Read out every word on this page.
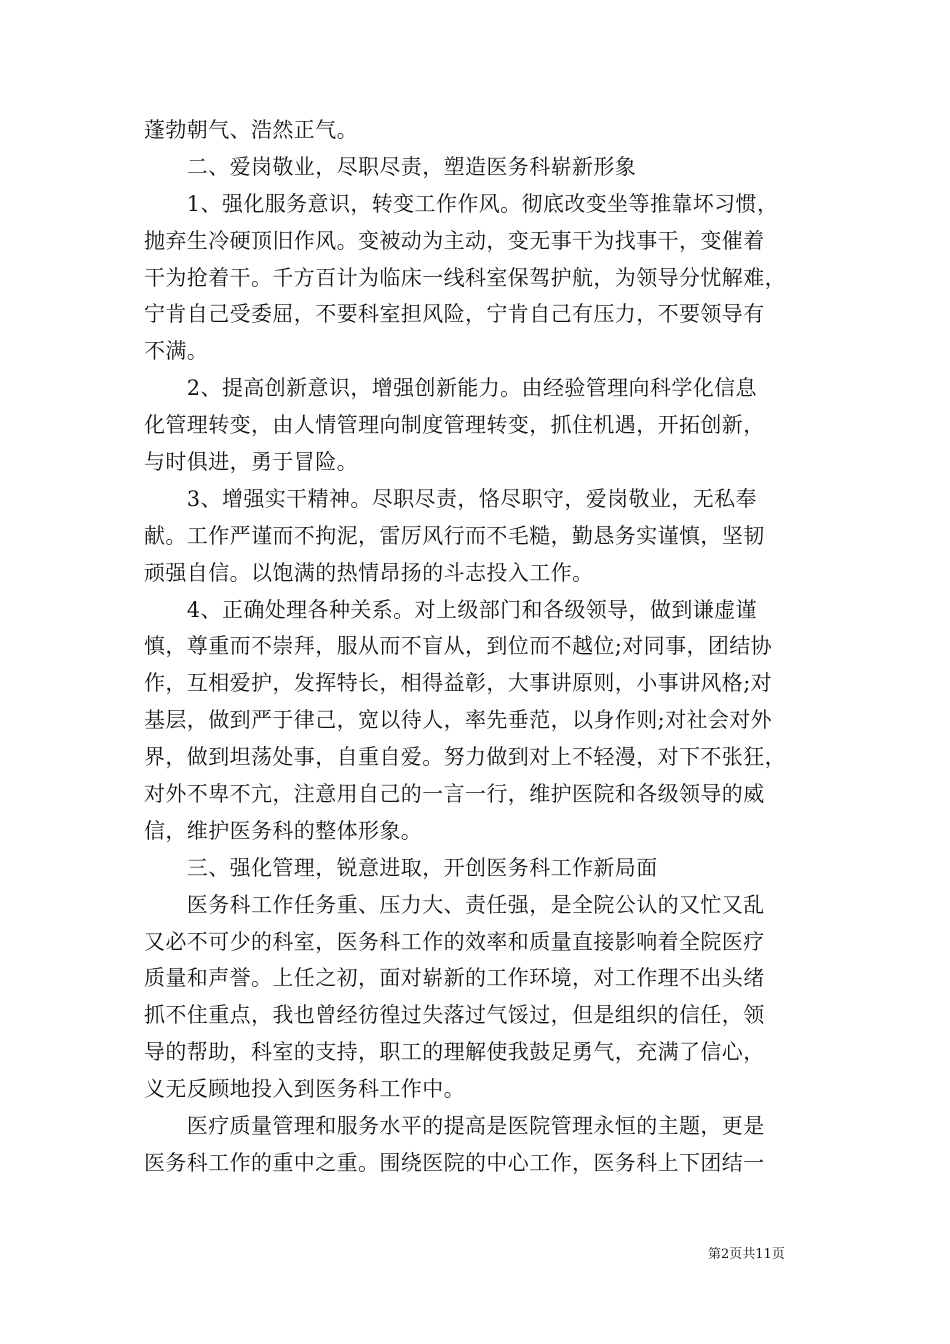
蓬勃朝气、浩然正气。
　　二、爱岗敬业，尽职尽责，塑造医务科崭新形象
　　1、强化服务意识，转变工作作风。彻底改变坐等推靠坏习惯，
抛弃生冷硬顶旧作风。变被动为主动，变无事干为找事干，变催着
干为抢着干。千方百计为临床一线科室保驾护航，为领导分忧解难，
宁肯自己受委屈，不要科室担风险，宁肯自己有压力，不要领导有
不满。
　　2、提高创新意识，增强创新能力。由经验管理向科学化信息
化管理转变，由人情管理向制度管理转变，抓住机遇，开拓创新，
与时俱进，勇于冒险。
　　3、增强实干精神。尽职尽责，恪尽职守，爱岗敬业，无私奉
献。工作严谨而不拘泥，雷厉风行而不毛糙，勤恳务实谨慎，坚韧
顽强自信。以饱满的热情昂扬的斗志投入工作。
　　4、正确处理各种关系。对上级部门和各级领导，做到谦虚谨
慎，尊重而不崇拜，服从而不盲从，到位而不越位;对同事，团结协
作，互相爱护，发挥特长，相得益彰，大事讲原则，小事讲风格;对
基层，做到严于律己，宽以待人，率先垂范，以身作则;对社会对外
界，做到坦荡处事，自重自爱。努力做到对上不轻漫，对下不张狂，
对外不卑不亢，注意用自己的一言一行，维护医院和各级领导的威
信，维护医务科的整体形象。
　　三、强化管理，锐意进取，开创医务科工作新局面
　　医务科工作任务重、压力大、责任强，是全院公认的又忙又乱
又必不可少的科室，医务科工作的效率和质量直接影响着全院医疗
质量和声誉。上任之初，面对崭新的工作环境，对工作理不出头绪
抓不住重点，我也曾经彷徨过失落过气馁过，但是组织的信任，领
导的帮助，科室的支持，职工的理解使我鼓足勇气，充满了信心，
义无反顾地投入到医务科工作中。
　　医疗质量管理和服务水平的提高是医院管理永恒的主题，更是
医务科工作的重中之重。围绕医院的中心工作，医务科上下团结一
第2页共11页
